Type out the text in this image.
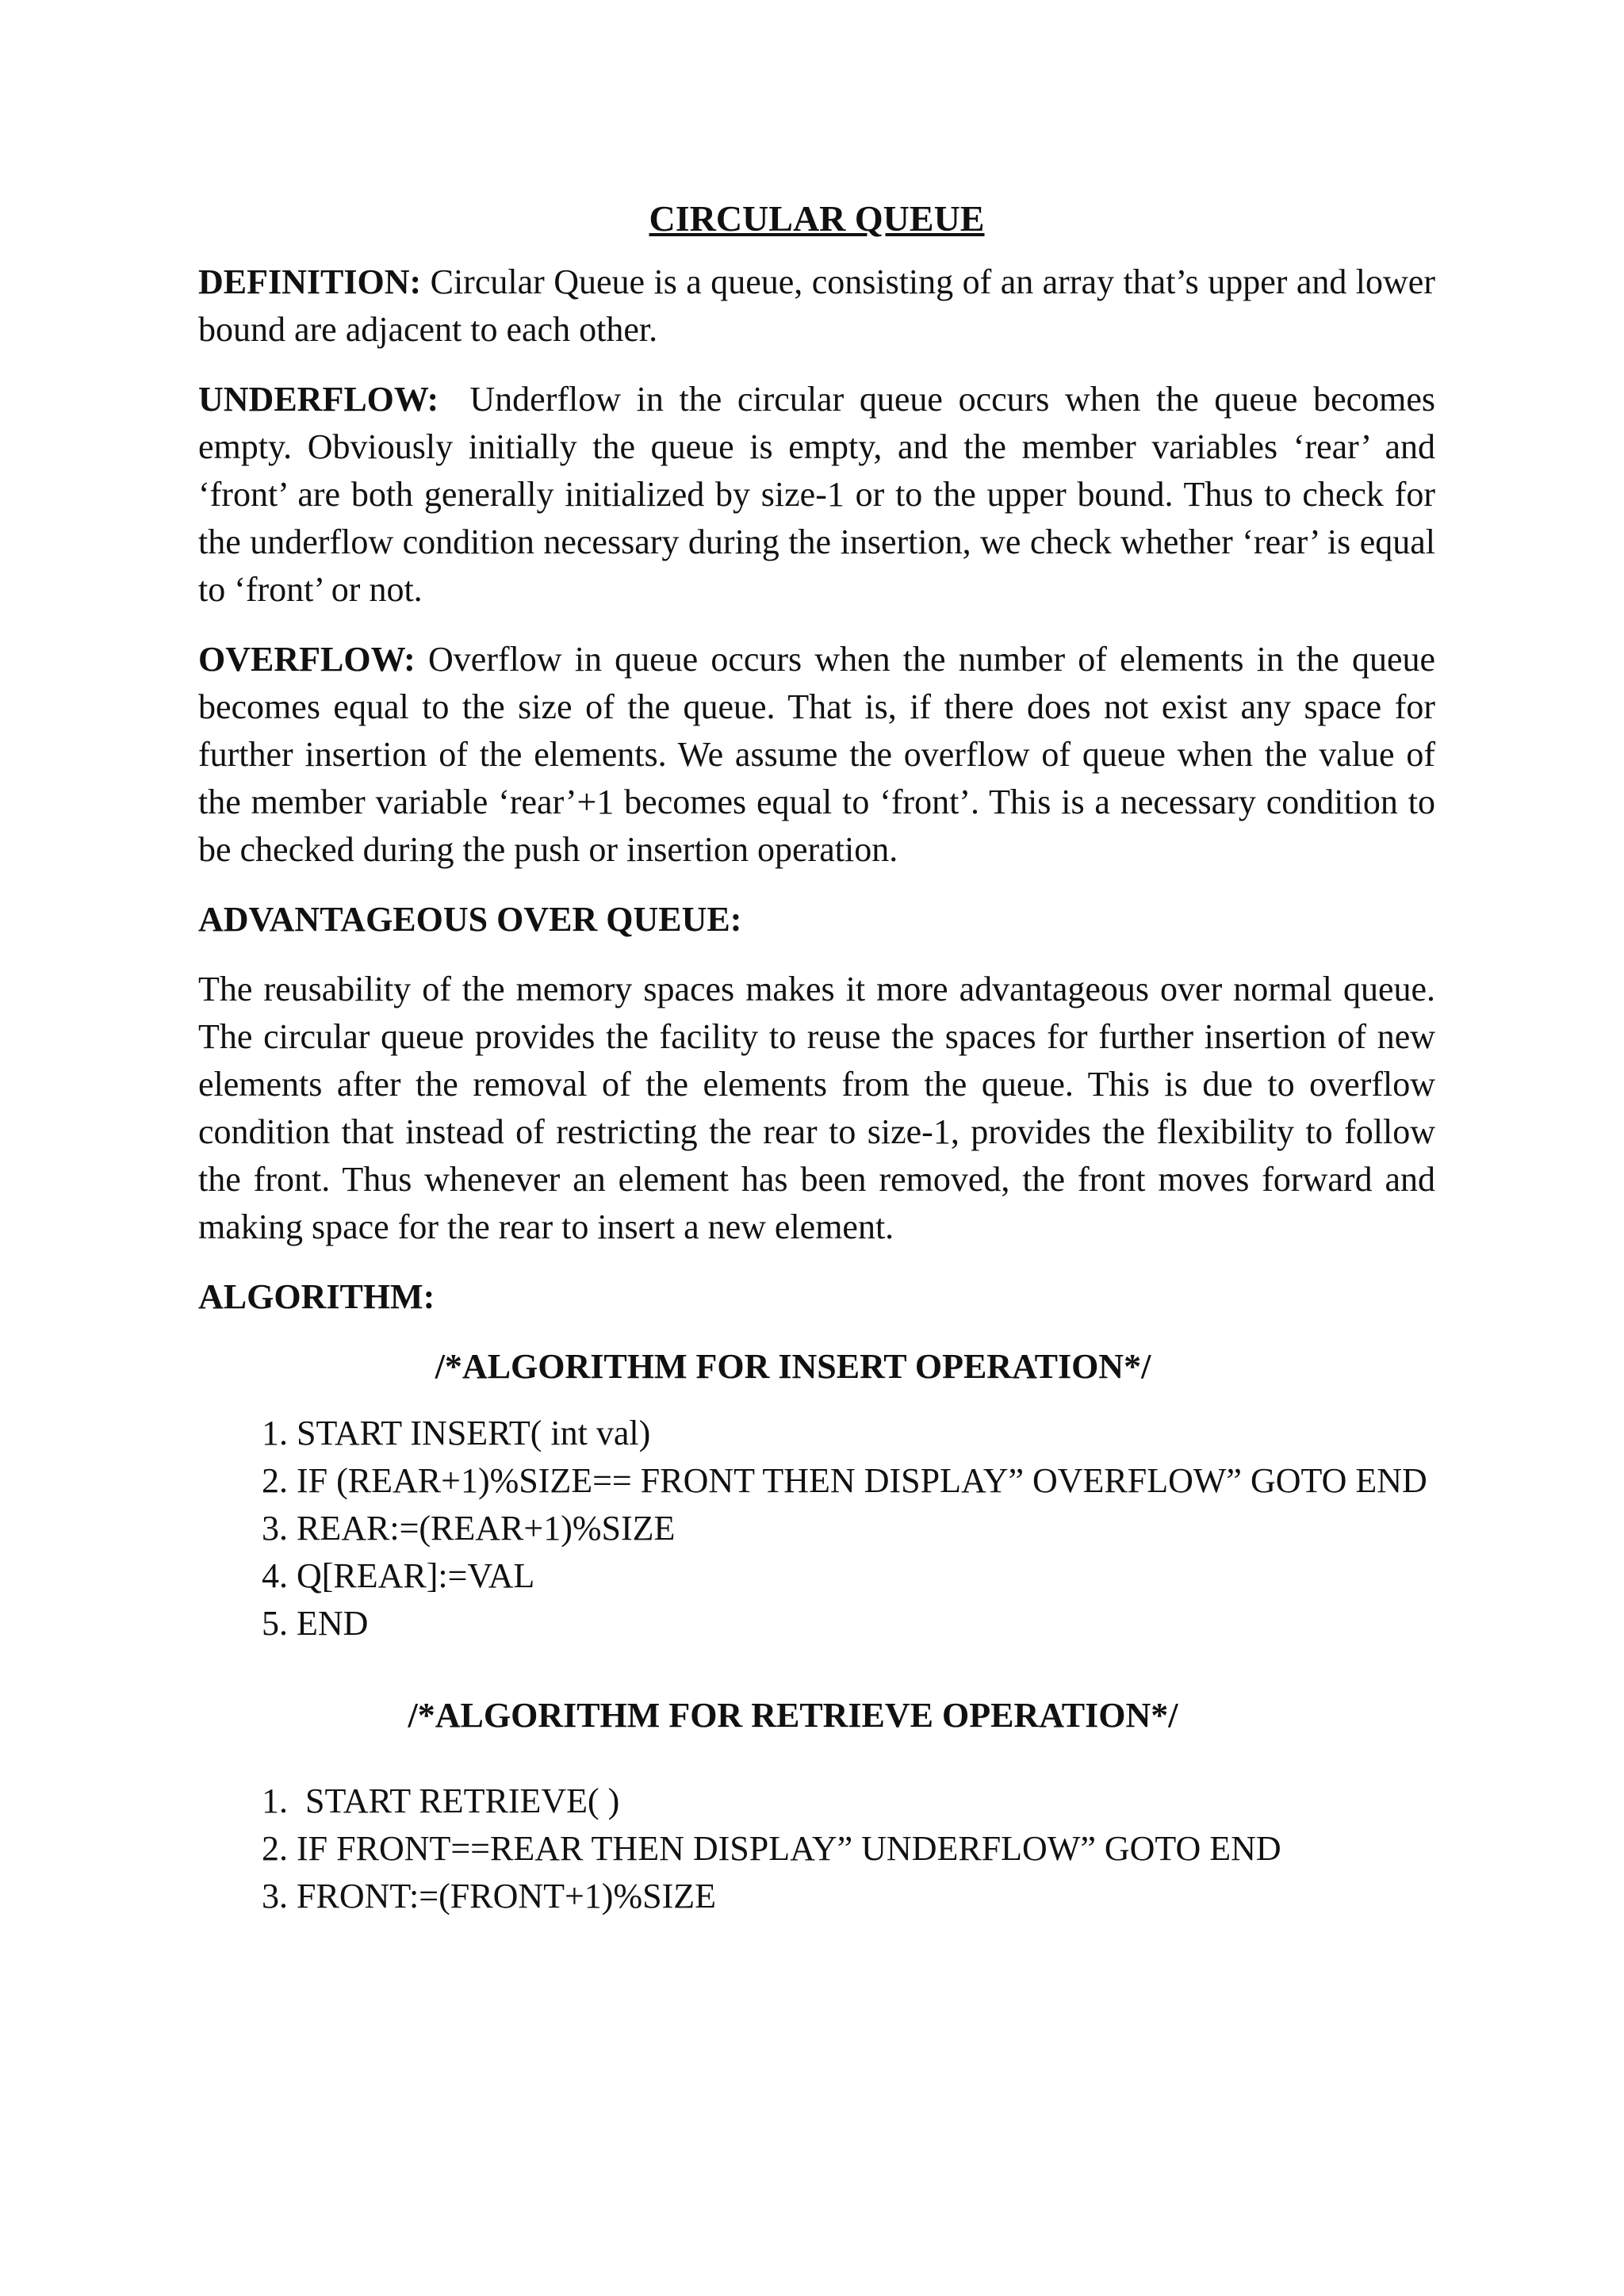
CIRCULAR QUEUE

DEFINITION: Circular Queue is a queue, consisting of an array that’s upper and lower bound are adjacent to each other.

UNDERFLOW:  Underflow in the circular queue occurs when the queue becomes empty. Obviously initially the queue is empty, and the member variables ‘rear’ and ‘front’ are both generally initialized by size-1 or to the upper bound. Thus to check for the underflow condition necessary during the insertion, we check whether ‘rear’ is equal to ‘front’ or not.

OVERFLOW: Overflow in queue occurs when the number of elements in the queue becomes equal to the size of the queue. That is, if there does not exist any space for further insertion of the elements. We assume the overflow of queue when the value of the member variable ‘rear’+1 becomes equal to ‘front’. This is a necessary condition to be checked during the push or insertion operation.

ADVANTAGEOUS OVER QUEUE:

The reusability of the memory spaces makes it more advantageous over normal queue. The circular queue provides the facility to reuse the spaces for further insertion of new elements after the removal of the elements from the queue. This is due to overflow condition that instead of restricting the rear to size-1, provides the flexibility to follow the front. Thus whenever an element has been removed, the front moves forward and making space for the rear to insert a new element.

ALGORITHM:
/*ALGORITHM FOR INSERT OPERATION*/
1. START INSERT( int val)
2. IF (REAR+1)%SIZE== FRONT THEN DISPLAY” OVERFLOW” GOTO END
3. REAR:=(REAR+1)%SIZE
4. Q[REAR]:=VAL
5. END
/*ALGORITHM FOR RETRIEVE OPERATION*/
1.  START RETRIEVE( )
2. IF FRONT==REAR THEN DISPLAY” UNDERFLOW” GOTO END
3. FRONT:=(FRONT+1)%SIZE
